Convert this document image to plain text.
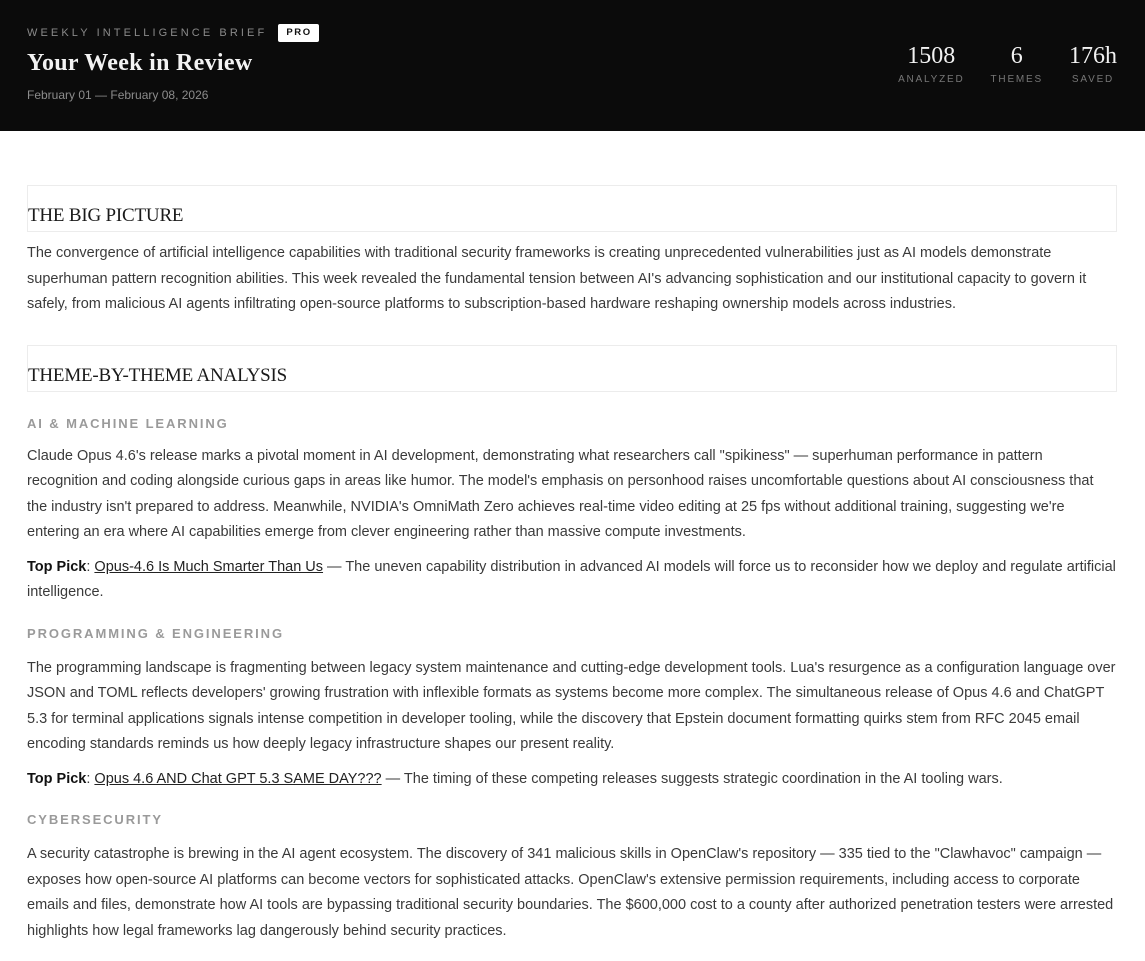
WEEKLY INTELLIGENCE BRIEF	PRO
Your Week in Review
February 01 — February 08, 2026
1508
ANALYZED
6
THEMES
176h
SAVED
THE BIG PICTURE

The convergence of artificial intelligence capabilities with traditional security frameworks is creating unprecedented vulnerabilities just as AI models demonstrate superhuman pattern recognition abilities. This week revealed the fundamental tension between AI's advancing sophistication and our institutional capacity to govern it safely, from malicious AI agents infiltrating open-source platforms to subscription-based hardware reshaping ownership models across industries.

THEME-BY-THEME ANALYSIS
AI & MACHINE LEARNING

Claude Opus 4.6's release marks a pivotal moment in AI development, demonstrating what researchers call "spikiness" — superhuman performance in pattern recognition and coding alongside curious gaps in areas like humor. The model's emphasis on personhood raises uncomfortable questions about AI consciousness that the industry isn't prepared to address. Meanwhile, NVIDIA's OmniMath Zero achieves real-time video editing at 25 fps without additional training, suggesting we're entering an era where AI capabilities emerge from clever engineering rather than massive compute investments.

Top Pick: Opus-4.6 Is Much Smarter Than Us — The uneven capability distribution in advanced AI models will force us to reconsider how we deploy and regulate artificial intelligence.

PROGRAMMING & ENGINEERING

The programming landscape is fragmenting between legacy system maintenance and cutting-edge development tools. Lua's resurgence as a configuration language over JSON and TOML reflects developers' growing frustration with inflexible formats as systems become more complex. The simultaneous release of Opus 4.6 and ChatGPT 5.3 for terminal applications signals intense competition in developer tooling, while the discovery that Epstein document formatting quirks stem from RFC 2045 email encoding standards reminds us how deeply legacy infrastructure shapes our present reality.

Top Pick: Opus 4.6 AND Chat GPT 5.3 SAME DAY??? — The timing of these competing releases suggests strategic coordination in the AI tooling wars.

CYBERSECURITY

A security catastrophe is brewing in the AI agent ecosystem. The discovery of 341 malicious skills in OpenClaw's repository — 335 tied to the "Clawhavoc" campaign — exposes how open-source AI platforms can become vectors for sophisticated attacks. OpenClaw's extensive permission requirements, including access to corporate emails and files, demonstrate how AI tools are bypassing traditional security boundaries. The $600,000 cost to a county after authorized penetration testers were arrested highlights how legal frameworks lag dangerously behind security practices.
